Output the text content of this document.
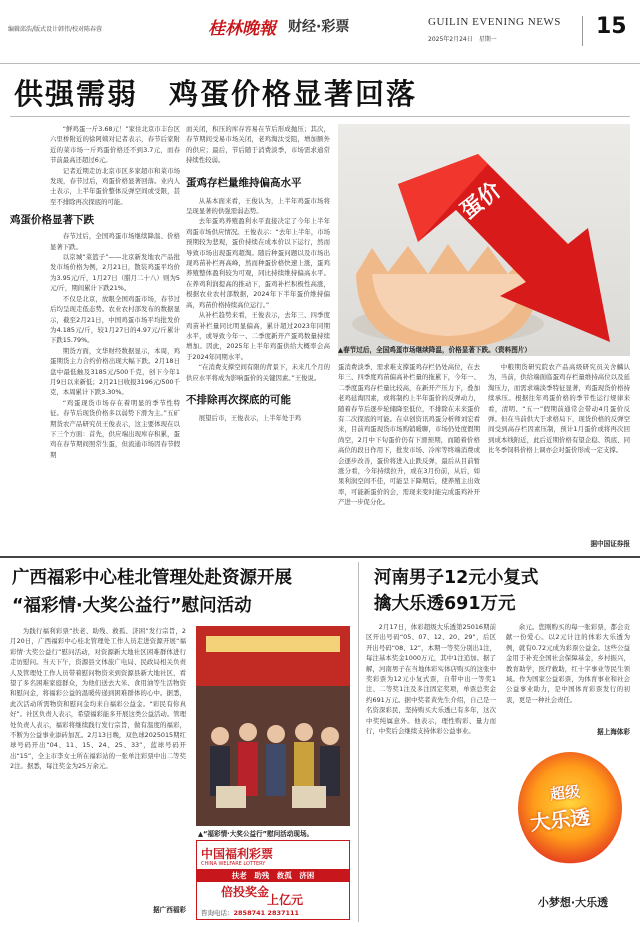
编辑邱浩/版式设计韩伟/校对陈春蓉	桂林晚報 财经·彩票	GUILIN EVENING NEWS
2025年2月24日　星期一
15
供强需弱　鸡蛋价格显著回落

“鲜鸡蛋一斤3.68元！”家住北京市丰台区六里桥附近的徐阿姨对记者表示，春节后家附近的菜市场一斤鸡蛋价格还不到3.7元，而春节前最高还超过6元。

记者近期走访北京市区多家超市和菜市场发现，春节过后，鸡蛋价格显著回落。业内人士表示，上半年蛋价整体反弹空间或受限，甚至不排除再次探底的可能。

鸡蛋价格显著下跌

春节过后，全国鸡蛋市场继续降温、价格显著下跌。

以京城“菜篮子”——北京新发地农产品批发市场价格为例，2月21日，散装鸡蛋平均价为3.95元/斤，1月27日（腊月二十八）则为5元/斤，期间累计下跌21%。

不仅是北京，放眼全国鸡蛋市场，春节过后均呈现走低态势。农业农村部发布的数据显示，截至2月21日，中国鸡蛋市场平均批发价为4.185元/斤，较1月27日的4.97元/斤累计下跌15.79%。

期货方面，文华财经数据显示，本周，鸡蛋期货主力合约价格出现大幅下跌。2月18日盘中最低触及3185元/500千克，创下今年1月9日以来新低；2月21日收报3196元/500千克，本周累计下跌3.30%。

“鸡蛋现货市场存在着明显的季节性特征。春节后现货价格多以弱势下滑为主。”五矿期货农产品研究员王俊表示，这主要体现在以下三个方面：首先，供应端出现库存积累，蛋鸡在春节期间照常生蛋，但流通市场因春节假期

而关闭，积压的库存容易在节后形成抛压；其次，春节期间受易市场关闭，老鸡淘汰受阻，增加额外的供应；最后，节后随于消费淡季，市场需求通常持续性较弱。
蛋鸡存栏量维持偏高水平

从基本面来看，王俊认为，上半年鸡蛋市场将呈现显著的供强需弱态势。

去年蛋鸡养殖盈利水平直接决定了今年上半年鸡蛋市场供应情况。王俊表示：“去年上半年，市场预期较为悲观，蛋价持续在成本价以下运行，然而导致市场出现蛋鸡超淘。随后种蛋问题以及市场出现鸡苗补栏再高峰，然而种蛋价格快速上涨，蛋鸡养殖整体盈利较为可观，同比持续维持偏高水平。在养鸡利润提高的推动下，蛋鸡补栏积极性高涨，根据农业农村部数据，2024年下半年蛋价维持偏高，鸡苗价格持续高位运行。”

从补栏趋势来看，王俊表示，去年三、四季度鸡苗补栏量同比明显偏高，累计超过2023年同期水平，或导致今年一、二季度新开产蛋鸡数量持续增加。因此，2025年上半年鸡蛋供给大概率会高于2024年同期水平。

“在消费支撑空间有限的背景下，未来几个月的供应水平将成为影响蛋价的关键因素。”王俊说。

不排除再次探底的可能

展望后市，王俊表示，上半年处于鸡

蛋价
▲春节过后，全国鸡蛋市场继续降温，价格显著下跌。（资料图片）
蛋消费淡季，需求难支撑蛋鸡存栏仍处高位，在去年三、四季度鸡苗偏高补栏量的拖累下，今年一、二季度蛋鸡存栏量比较高，在新开产压力下，叠加老鸡延淘因素，或将制约上半年蛋价的反弹动力，随着春节后逐步轮储降至低位，不排除在未来蛋价有二次探底的可能。在卓创资讯鸡蛋分析师刘宏看来，目前鸡蛋现货市场购销暖聊，市场仍处度假期尚空，2月中下旬蛋价仍有下滑预期，而随着价格高位的段日作用下，批发市场、冷库等终端消费或会逐步改善，蛋价将进入止跌反弹，最后从目前暂涨分看，今年持续拉升，或在3月份前，从后，如果利润空间不佳，可能呈下降期后，使养殖主出效率，可能新蛋价的会，需现来变时能完成蛋鸡补开产进一步促分化。

中粮期货研究院农产品高级研究员关舍麟认为，当前，供给端面临蛋鸡存栏量维持高位以及延淘压力，而需求端淡季特征显著，鸡蛋现货价格持续承压。根据往年鸡蛋价格的季节性运行规律来看，清明、“五一”假期前通常会带动4月蛋价反弹。但在当前供大于求格局下，现货价格的反弹空间受到高存栏因素压制，预计1月蛋价或将再次回到成本线附近，此后近期价格有望企稳、筑底、同比冬季饲料价格上调亦会对蛋价形成一定支撑。

据中国证券报
广西福彩中心桂北管理处赴资源开展
“福彩情·大奖公益行”慰问活动

为践行福利彩票“扶老、助残、救孤、济困”发行宗旨，2月20日，广西福彩中心桂北管理处工作人员走进资源开展“福彩情·大奖公益行”慰问活动，对资源新大地社区困难群体进行走访慰问。当天下午，资源县文体旅广电局、民政局相关负责人及管理处工作人员带着慰问物资来到资源县新大地社区，看望了多名困难家庭群众，为他们送去大米、食用油等生活物资和慰问金，将福彩公益的温暖传递到困难群体的心中。据悉，此次活动所需物资和慰问金均来自福彩公益金。“彩民有你真好”。社区负责人表示，希望福彩能多开展这类公益活动。管理处负责人表示，福彩将继续践行发行宗旨，做有温度的福彩，不断为公益事业添砖加瓦。2月13日晚，双色球2025015期红球号码开出“04、11、15、24、25、33”，蓝球号码开出“15”，全主市李女士所在福彩站的一张单注彩票中出二等奖2注。据悉，每注奖金为25万余元。

据广西福彩
▲“福彩情·大奖公益行”慰问活动现场。
中国福利彩票
CHINA WELFARE LOTTERY
扶老　助残　救孤　济困
倍投奖金
上亿元
咨询电话：2858741 2837111
河南男子12元小复式
擒大乐透691万元

2月17日，体彩超级大乐透第25016期前区开出号码“05、07、12、20、29”，后区开出号码“08、12”，本期一等奖分别出1注，每注基本奖金1000万元，其中1注追加。据了解，河南男子在当地体彩实体店购买的这张中奖彩票为12元小复式票，自带中出一等奖1注、二等奖1注及多注固定奖项，单票总奖金约691万元。据中奖者黄先生介绍，自己是一名资深彩民，坚持购买大乐透已有多年，这次中奖纯属意外。他表示，理性购彩、量力而行，中奖后会继续支持体彩公益事业。

余元。您刚购买的每一张彩票，都会贡献一份爱心。以2元计注的体彩大乐透为例，就有0.72元成为彩票公益金。这些公益金用于补充全国社会保障基金，乡村振兴，教育助学，医疗救助，红十字事业等民生领域。作为国家公益彩票，为体育事业和社会公益事业助力，是中国体育彩票发行的初衷，更是一种社会责任。

据上海体彩
超级
大乐透
小梦想·大乐透
